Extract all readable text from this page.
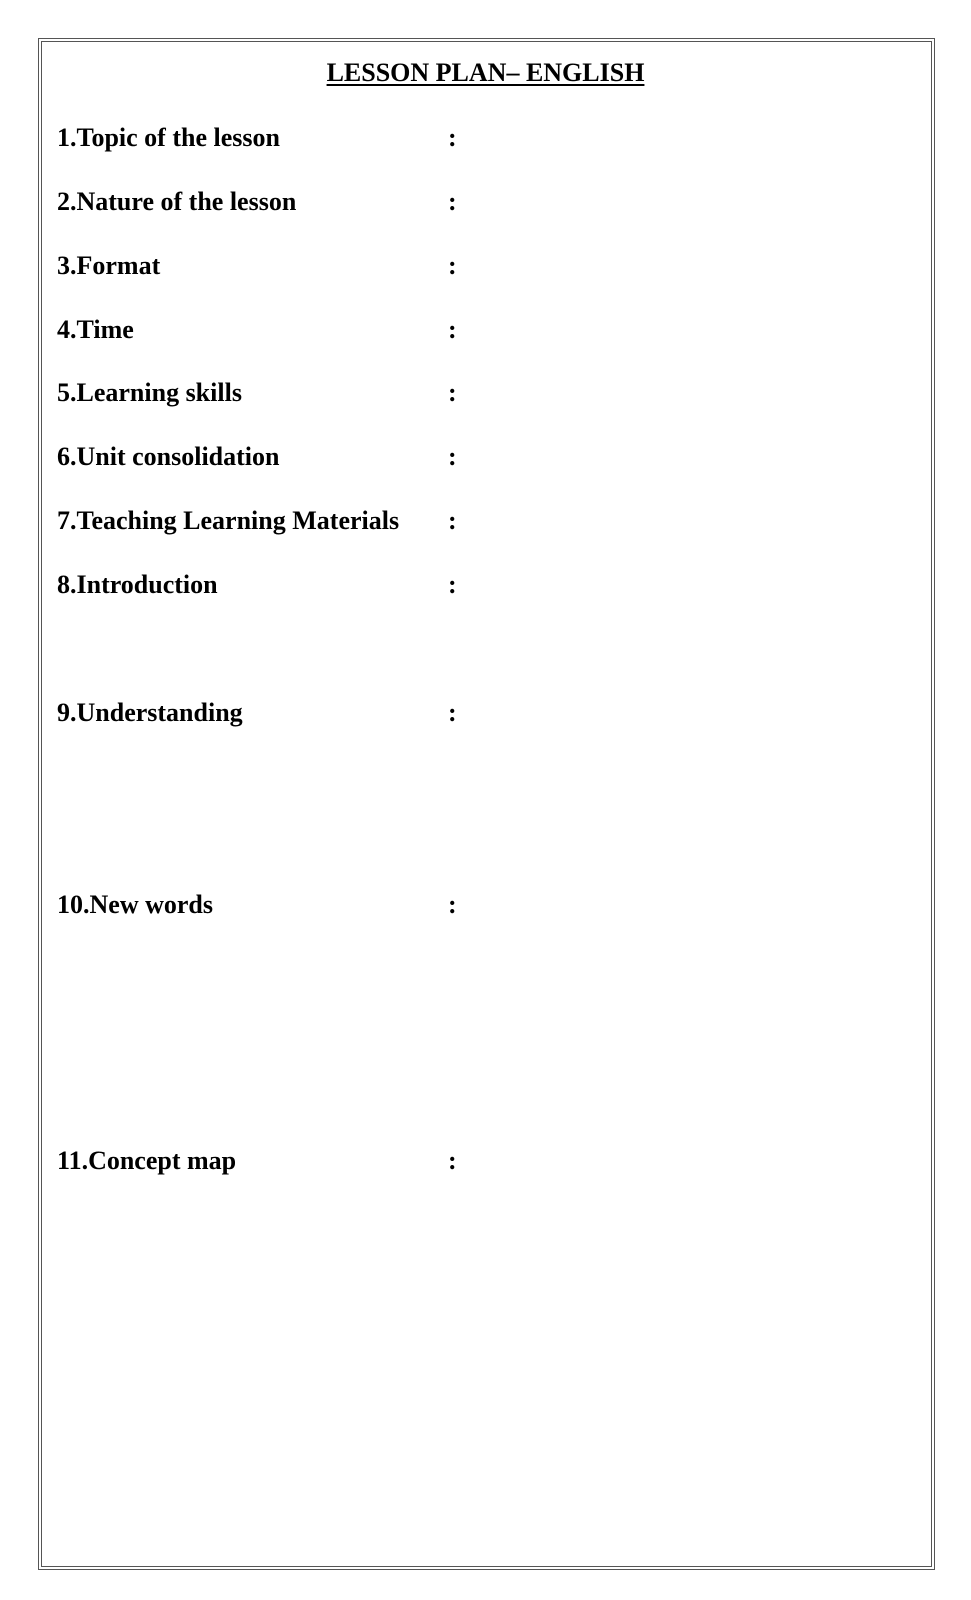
LESSON PLAN– ENGLISH
1.Topic of the lesson	:
2.Nature of the lesson	:
3.Format	:
4.Time	:
5.Learning skills	:
6.Unit consolidation	:
7.Teaching Learning Materials :
8.Introduction	:
9.Understanding	:
10.New words	:
11.Concept map	:
